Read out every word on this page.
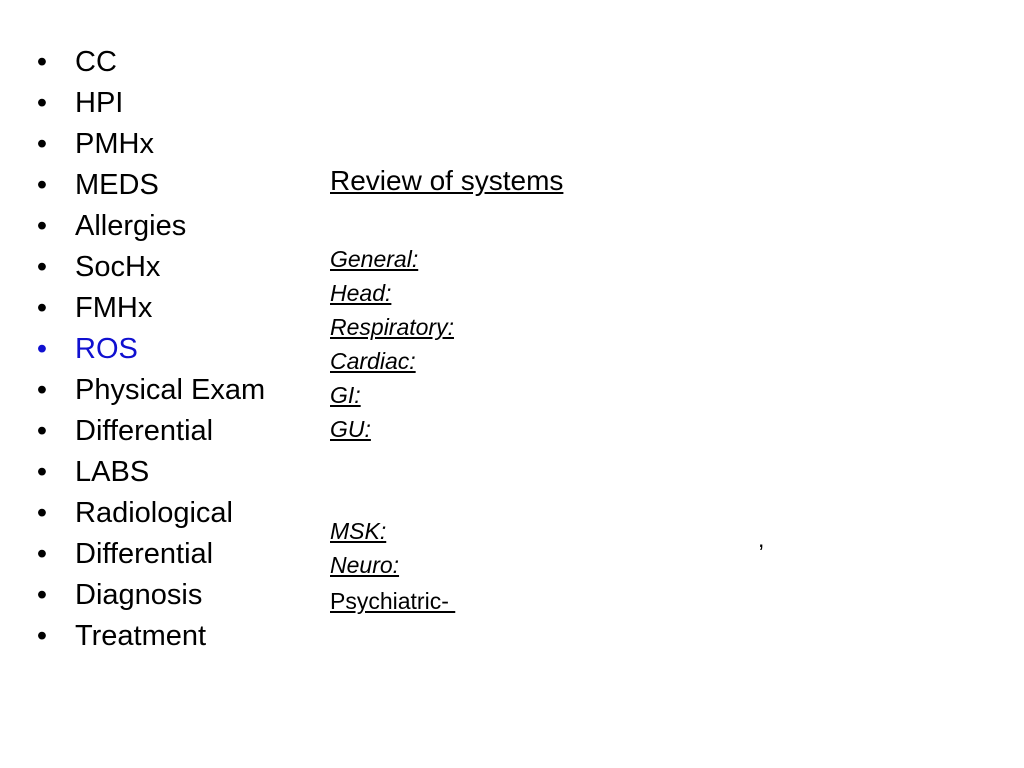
• CC
• HPI
• PMHx
• MEDS
• Allergies
• SocHx
• FMHx
• ROS
• Physical Exam
• Differential
• LABS
• Radiological
• Differential
• Diagnosis
• Treatment
Review of systems
General:
Head:
Respiratory:
Cardiac:
GI:
GU:
MSK:
Neuro:
Psychiatric-
,
